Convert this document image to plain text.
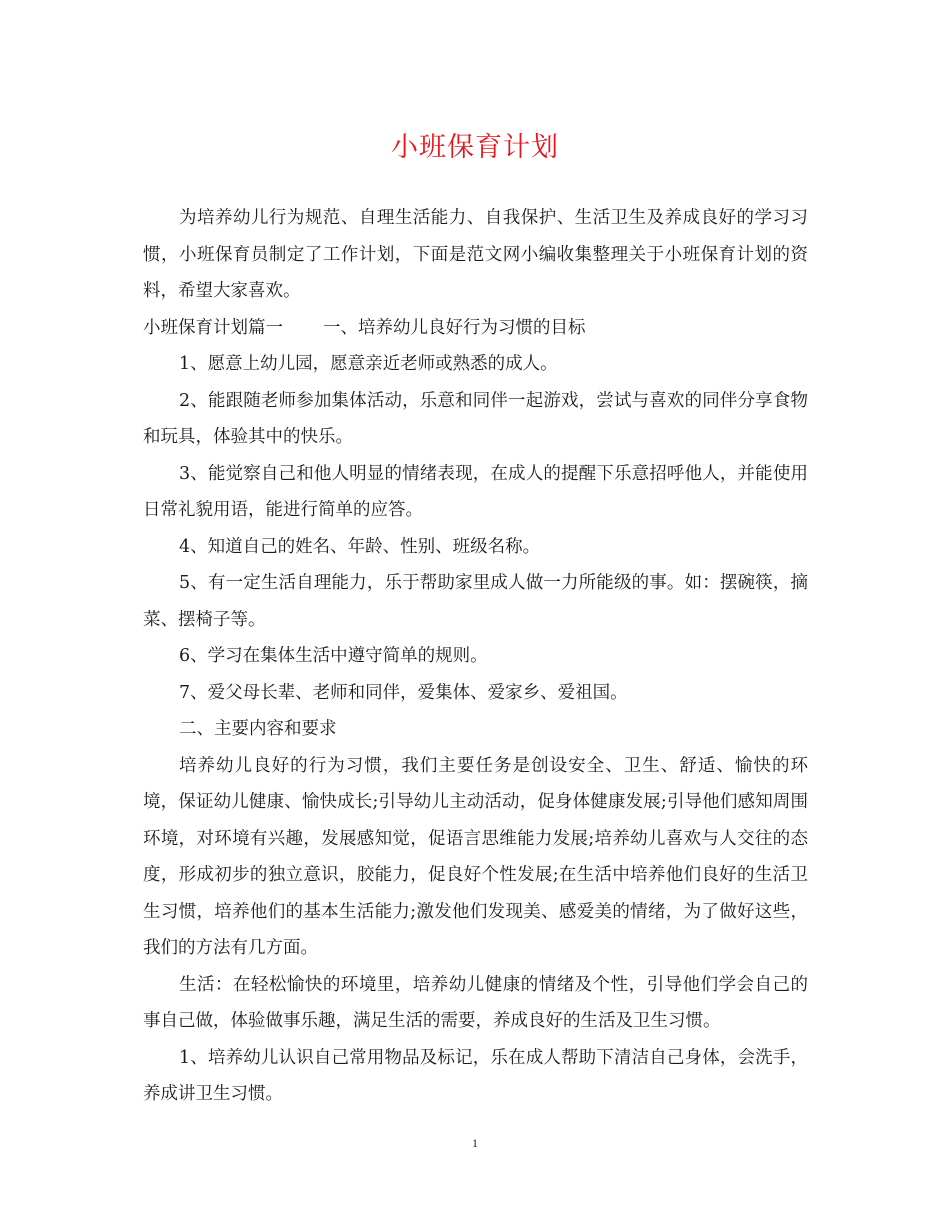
小班保育计划

为培养幼儿行为规范、自理生活能力、自我保护、生活卫生及养成良好的学习习惯，小班保育员制定了工作计划，下面是范文网小编收集整理关于小班保育计划的资料，希望大家喜欢。

小班保育计划篇一 一、培养幼儿良好行为习惯的目标

1、愿意上幼儿园，愿意亲近老师或熟悉的成人。

2、能跟随老师参加集体活动，乐意和同伴一起游戏，尝试与喜欢的同伴分享食物和玩具，体验其中的快乐。

3、能觉察自己和他人明显的情绪表现，在成人的提醒下乐意招呼他人，并能使用日常礼貌用语，能进行简单的应答。

4、知道自己的姓名、年龄、性别、班级名称。

5、有一定生活自理能力，乐于帮助家里成人做一力所能级的事。如：摆碗筷，摘菜、摆椅子等。

6、学习在集体生活中遵守简单的规则。

7、爱父母长辈、老师和同伴，爱集体、爱家乡、爱祖国。

二、主要内容和要求

培养幼儿良好的行为习惯，我们主要任务是创设安全、卫生、舒适、愉快的环境，保证幼儿健康、愉快成长;引导幼儿主动活动，促身体健康发展;引导他们感知周围环境，对环境有兴趣，发展感知觉，促语言思维能力发展;培养幼儿喜欢与人交往的态度，形成初步的独立意识，胶能力，促良好个性发展;在生活中培养他们良好的生活卫生习惯，培养他们的基本生活能力;激发他们发现美、感爱美的情绪，为了做好这些，我们的方法有几方面。

生活：在轻松愉快的环境里，培养幼儿健康的情绪及个性，引导他们学会自己的事自己做，体验做事乐趣，满足生活的需要，养成良好的生活及卫生习惯。

1、培养幼儿认识自己常用物品及标记，乐在成人帮助下清洁自己身体，会洗手，养成讲卫生习惯。

1
